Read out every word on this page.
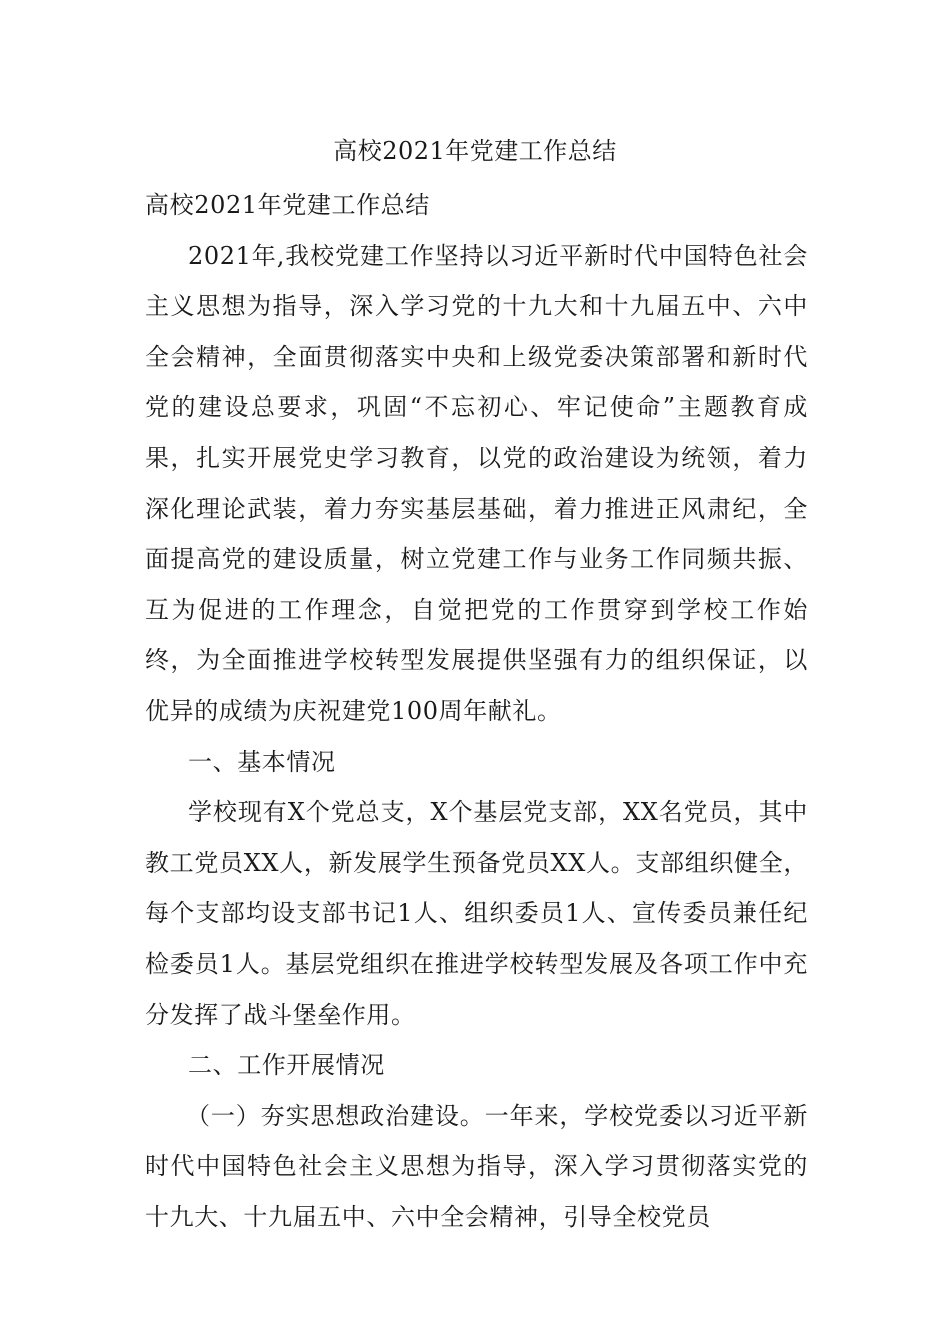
高校2021年党建工作总结

高校2021年党建工作总结

2021年,我校党建工作坚持以习近平新时代中国特色社会主义思想为指导，深入学习党的十九大和十九届五中、六中全会精神，全面贯彻落实中央和上级党委决策部署和新时代党的建设总要求，巩固“不忘初心、牢记使命”主题教育成果，扎实开展党史学习教育，以党的政治建设为统领，着力深化理论武装，着力夯实基层基础，着力推进正风肃纪，全面提高党的建设质量，树立党建工作与业务工作同频共振、互为促进的工作理念，自觉把党的工作贯穿到学校工作始终，为全面推进学校转型发展提供坚强有力的组织保证，以优异的成绩为庆祝建党100周年献礼。

一、基本情况

学校现有X个党总支，X个基层党支部，XX名党员，其中教工党员XX人，新发展学生预备党员XX人。支部组织健全，每个支部均设支部书记1人、组织委员1人、宣传委员兼任纪检委员1人。基层党组织在推进学校转型发展及各项工作中充分发挥了战斗堡垒作用。

二、工作开展情况

（一）夯实思想政治建设。一年来，学校党委以习近平新时代中国特色社会主义思想为指导，深入学习贯彻落实党的十九大、十九届五中、六中全会精神，引导全校党员
